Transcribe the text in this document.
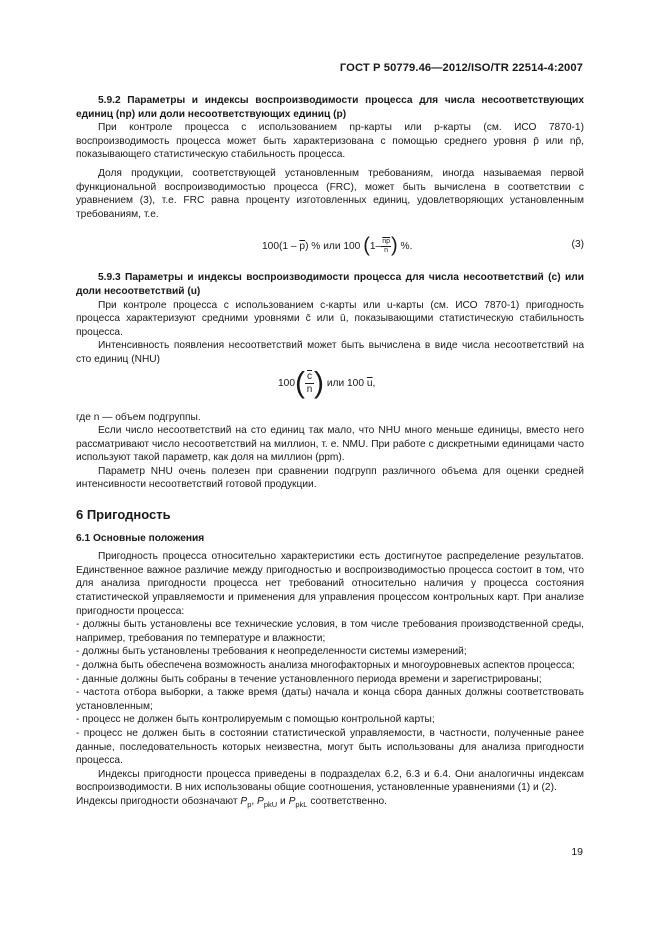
ГОСТ Р 50779.46—2012/ISO/TR 22514-4:2007

5.9.2 Параметры и индексы воспроизводимости процесса для числа несоответствующих единиц (np) или доли несоответствующих единиц (p)

При контроле процесса с использованием np-карты или p-карты (см. ИСО 7870-1) воспроизводимость процесса может быть характеризована с помощью среднего уровня p̄ или np̄, показывающего статистическую стабильность процесса.

Доля продукции, соответствующей установленным требованиям, иногда называемая первой функциональной воспроизводимостью процесса (FRC), может быть вычислена в соответствии с уравнением (3), т.е. FRC равна проценту изготовленных единиц, удовлетворяющих установленным требованиям, т.е.

$100(1 - \overline{p})$ % или 100 ($1- \frac{\overline{np}}{n}$ ) %.	(3)

5.9.3 Параметры и индексы воспроизводимости процесса для числа несоответствий (c) или доли несоответствий (u)

При контроле процесса с использованием c-карты или u-карты (см. ИСО 7870-1) пригодность процесса характеризуют средними уровнями c̄ или ū, показывающими статистическую стабильность процесса.

Интенсивность появления несоответствий может быть вычислена в виде числа несоответствий на сто единиц (NHU)

$100( \frac{\overline{c}}{n})$ или 100 $\overline{u}$,

где n — объем подгруппы.

Если число несоответствий на сто единиц так мало, что NHU много меньше единицы, вместо него рассматривают число несоответствий на миллион, т. е. NMU. При работе с дискретными единицами часто используют такой параметр, как доля на миллион (ppm).

Параметр NHU очень полезен при сравнении подгрупп различного объема для оценки средней интенсивности несоответствий готовой продукции.

6 Пригодность

6.1 Основные положения

Пригодность процесса относительно характеристики есть достигнутое распределение результатов. Единственное важное различие между пригодностью и воспроизводимостью процесса состоит в том, что для анализа пригодности процесса нет требований относительно наличия у процесса состояния статистической управляемости и применения для управления процессом контрольных карт. При анализе пригодности процесса:

- должны быть установлены все технические условия, в том числе требования производственной среды, например, требования по температуре и влажности;

- должны быть установлены требования к неопределенности системы измерений;

- должна быть обеспечена возможность анализа многофакторных и многоуровневых аспектов процесса;

- данные должны быть собраны в течение установленного периода времени и зарегистрированы;

- частота отбора выборки, а также время (даты) начала и конца сбора данных должны соответствовать установленным;

- процесс не должен быть контролируемым с помощью контрольной карты;

- процесс не должен быть в состоянии статистической управляемости, в частности, полученные ранее данные, последовательность которых неизвестна, могут быть использованы для анализа пригодности процесса.

Индексы пригодности процесса приведены в подразделах 6.2, 6.3 и 6.4. Они аналогичны индексам воспроизводимости. В них использованы общие соотношения, установленные уравнениями (1) и (2).

Индексы пригодности обозначают $P_p$, $P_{pkU}$ и $P_{pkL}$ соответственно.

19
